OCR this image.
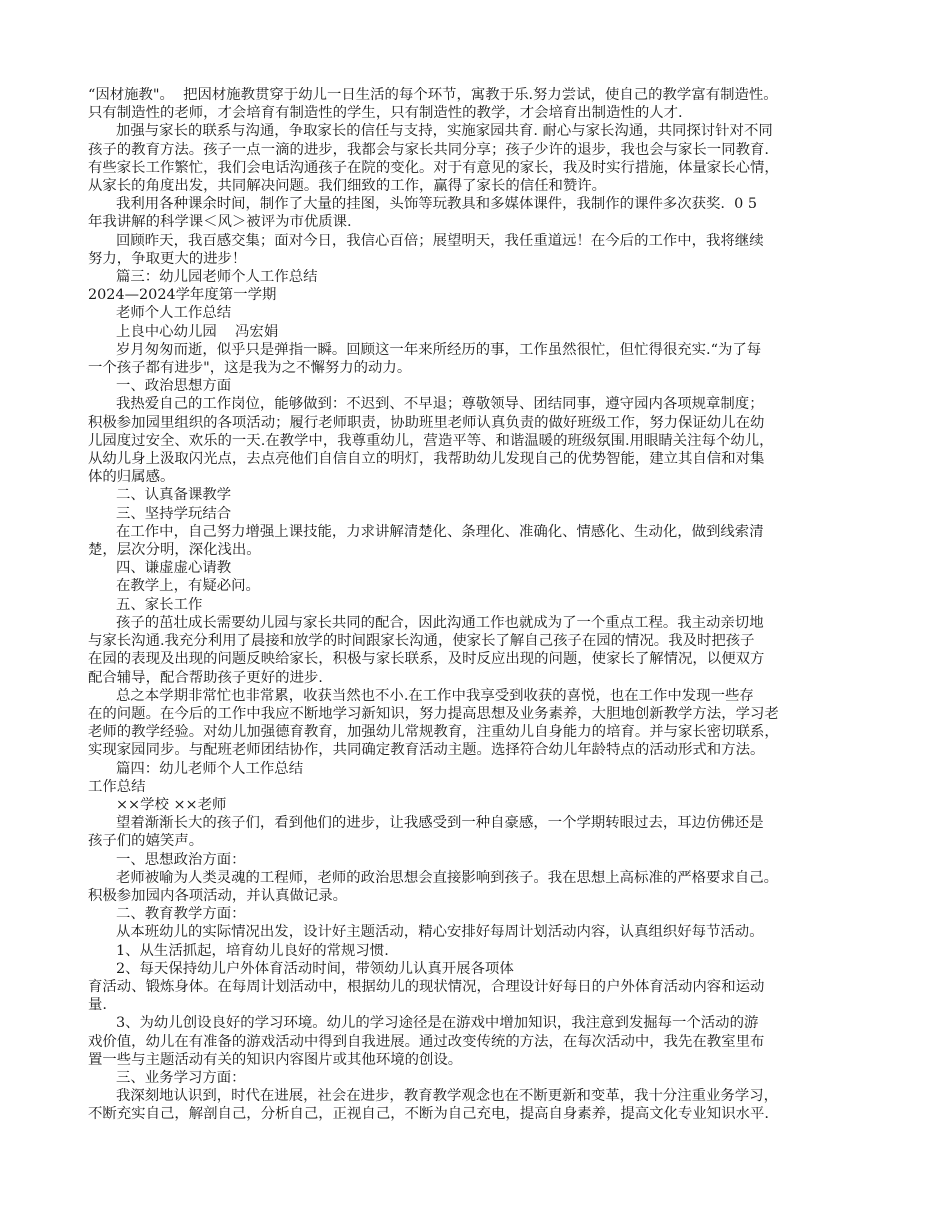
“因材施教"。  把因材施教贯穿于幼儿一日生活的每个环节，寓教于乐.努力尝试，使自己的教学富有制造性。

只有制造性的老师，才会培育有制造性的学生，只有制造性的教学，才会培育出制造性的人才.

加强与家长的联系与沟通，争取家长的信任与支持，实施家园共育. 耐心与家长沟通，共同探讨针对不同

孩子的教育方法。孩子一点一滴的进步，我都会与家长共同分享；孩子少许的退步，我也会与家长一同教育.

有些家长工作繁忙，我们会电话沟通孩子在院的变化。对于有意见的家长，我及时实行措施，体量家长心情，

从家长的角度出发，共同解决问题。我们细致的工作，赢得了家长的信任和赞许。

我利用各种课余时间，制作了大量的挂图，头饰等玩教具和多媒体课件，我制作的课件多次获奖.  0 5

年我讲解的科学课＜风＞被评为市优质课.

回顾昨天，我百感交集；面对今日，我信心百倍；展望明天，我任重道远！在今后的工作中，我将继续

努力，争取更大的进步！

篇三：幼儿园老师个人工作总结

2024—2024学年度第一学期

老师个人工作总结

上良中心幼儿园    冯宏娟

岁月匆匆而逝，似乎只是弹指一瞬。回顾这一年来所经历的事，工作虽然很忙，但忙得很充实.“为了每

一个孩子都有进步"，这是我为之不懈努力的动力。

一、政治思想方面

我热爱自己的工作岗位，能够做到：不迟到、不早退；尊敬领导、团结同事，遵守园内各项规章制度；

积极参加园里组织的各项活动；履行老师职责，协助班里老师认真负责的做好班级工作，努力保证幼儿在幼

儿园度过安全、欢乐的一天.在教学中，我尊重幼儿，营造平等、和谐温暖的班级氛围.用眼睛关注每个幼儿，

从幼儿身上汲取闪光点，去点亮他们自信自立的明灯，我帮助幼儿发现自己的优势智能，建立其自信和对集

体的归属感。

二、认真备课教学

三、坚持学玩结合

在工作中，自己努力增强上课技能，力求讲解清楚化、条理化、准确化、情感化、生动化，做到线索清

楚，层次分明，深化浅出。

四、谦虚虚心请教

在教学上，有疑必问。

五、家长工作

孩子的茁壮成长需要幼儿园与家长共同的配合，因此沟通工作也就成为了一个重点工程。我主动亲切地

与家长沟通.我充分利用了晨接和放学的时间跟家长沟通，使家长了解自己孩子在园的情况。我及时把孩子

在园的表现及出现的问题反映给家长，积极与家长联系，及时反应出现的问题，使家长了解情况，以便双方

配合辅导，配合帮助孩子更好的进步.

总之本学期非常忙也非常累，收获当然也不小.在工作中我享受到收获的喜悦，也在工作中发现一些存

在的问题。在今后的工作中我应不断地学习新知识，努力提高思想及业务素养，大胆地创新教学方法，学习老

老师的教学经验。对幼儿加强德育教育，加强幼儿常规教育，注重幼儿自身能力的培育。并与家长密切联系，

实现家园同步。与配班老师团结协作，共同确定教育活动主题。选择符合幼儿年龄特点的活动形式和方法。

篇四：幼儿老师个人工作总结

工作总结

××学校 ××老师

望着渐渐长大的孩子们，看到他们的进步，让我感受到一种自豪感，一个学期转眼过去，耳边仿佛还是

孩子们的嬉笑声。

一、思想政治方面：

老师被喻为人类灵魂的工程师，老师的政治思想会直接影响到孩子。我在思想上高标准的严格要求自己。

积极参加园内各项活动，并认真做记录。

二、教育教学方面：

从本班幼儿的实际情况出发，设计好主题活动，精心安排好每周计划活动内容，认真组织好每节活动。

1、从生活抓起，培育幼儿良好的常规习惯.

2、每天保持幼儿户外体育活动时间，带领幼儿认真开展各项体

育活动、锻炼身体。在每周计划活动中，根据幼儿的现状情况，合理设计好每日的户外体育活动内容和运动

量.

3、为幼儿创设良好的学习环境。幼儿的学习途径是在游戏中增加知识，我注意到发掘每一个活动的游

戏价值，幼儿在有准备的游戏活动中得到自我进展。通过改变传统的方法，在每次活动中，我先在教室里布

置一些与主题活动有关的知识内容图片或其他环境的创设。

三、业务学习方面：

我深刻地认识到，时代在进展，社会在进步，教育教学观念也在不断更新和变革，我十分注重业务学习，

不断充实自己，解剖自己，分析自己，正视自己，不断为自己充电，提高自身素养，提高文化专业知识水平.
